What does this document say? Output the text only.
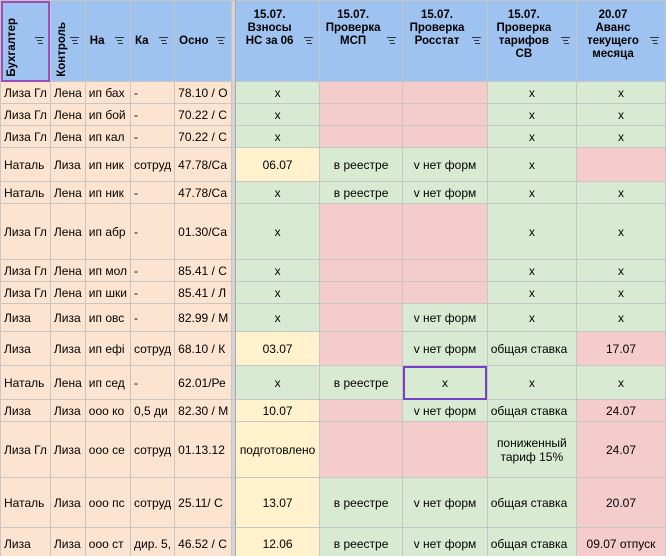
Бухгалтер	Контроль	На	Ка	Осно		15.07. Взносы НС за 06	15.07. Проверка МСП	15.07. Проверка Росстат	15.07. Проверка тарифов СВ	20.07 Аванс текущего месяца

Лиза Гл	Лена	ип бах	-	78.10 / О		x			x	x
Лиза Гл	Лена	ип бой	-	70.22 / С		x			x	x
Лиза Гл	Лена	ип кал	-	70.22 / С		x			x	x
Наталь	Лиза	ип ник	сотруд	47.78/Са		06.07	в реестре	v нет форм	x	
Наталь	Лена	ип ник	-	47.78/Са		x	в реестре	v нет форм	x	x
Лиза Гл	Лена	ип абр	-	01.30/Са		x			x	x
Лиза Гл	Лена	ип мол	-	85.41 / С		x			x	x
Лиза Гл	Лена	ип шки	-	85.41 / Л		x			x	x
Лиза	Лиза	ип овс	-	82.99 / М		x		v нет форм	x	x
Лиза	Лиза	ип ефі	сотруд	68.10 / К		03.07		v нет форм	общая ставка	17.07
Наталь	Лена	ип сед	-	62.01/Ре		x	в реестре	x	x	x
Лиза	Лиза	ооо ко	0,5 ди	82.30 / М		10.07		v нет форм	общая ставка	24.07
Лиза Гл	Лиза	ооо се	сотруд	01.13.12		подготовлено			пониженный тариф 15%	24.07
Наталь	Лиза	ооо пс	сотруд	25.11/ С		13.07	в реестре	v нет форм	общая ставка	20.07
Лиза	Лиза	ооо ст	дир. 5,	46.52 / С		12.06	в реестре	v нет форм	общая ставка	09.07 отпуск
